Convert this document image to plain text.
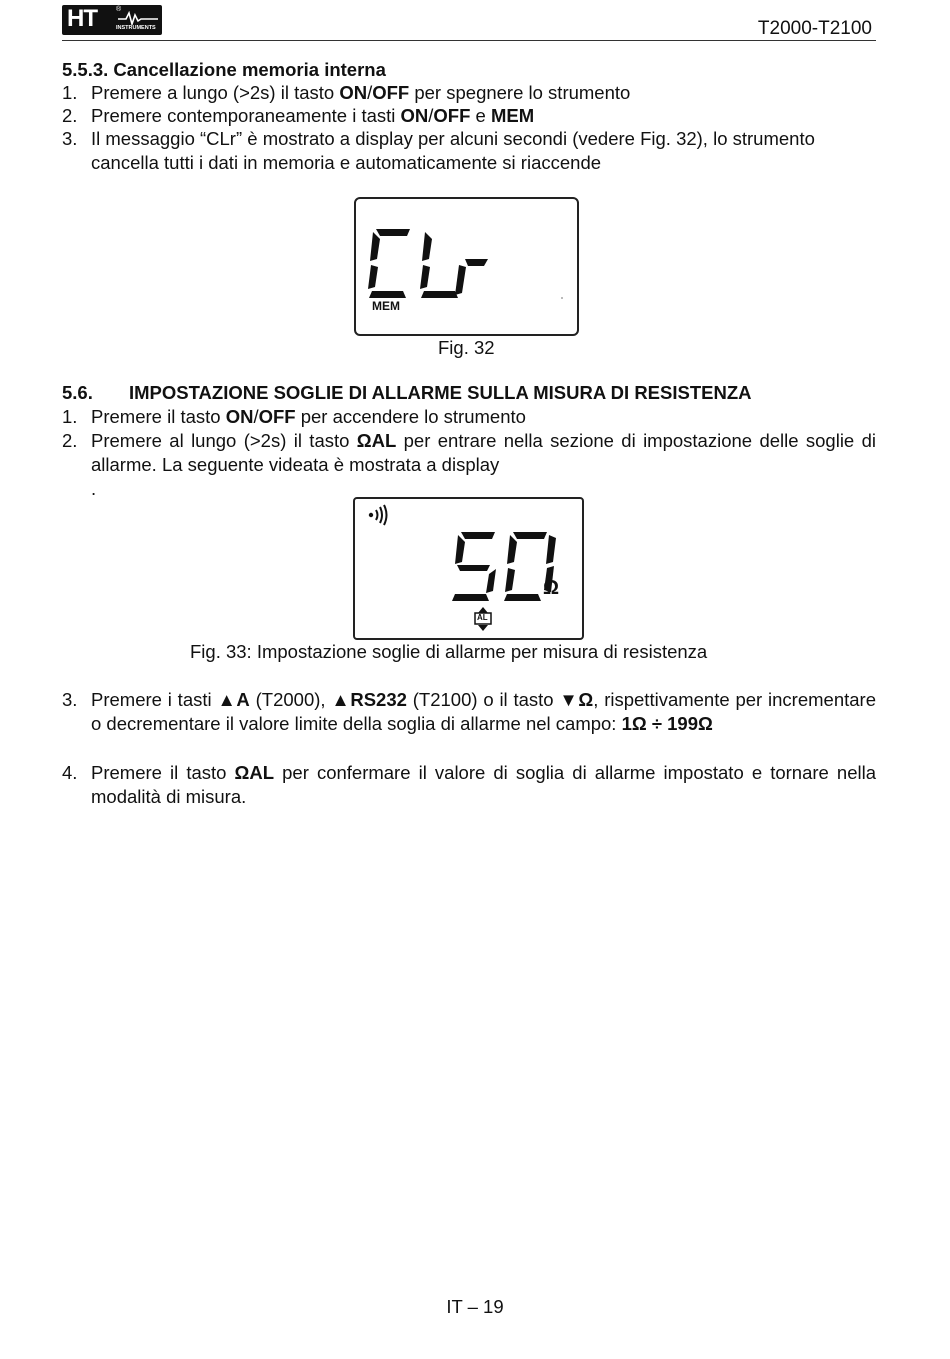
HT	®
INSTRUMENTS	T2000-T2100
5.5.3. Cancellazione memoria interna
1. Premere a lungo (>2s) il tasto ON/OFF per spegnere lo strumento
2. Premere contemporaneamente i tasti ON/OFF e MEM
3. Il messaggio “CLr” è mostrato a display per alcuni secondi (vedere Fig. 32), lo strumento cancella tutti i dati in memoria e automaticamente si riaccende
MEM
Fig. 32
5.6. IMPOSTAZIONE SOGLIE DI ALLARME SULLA MISURA DI RESISTENZA
1. Premere il tasto ON/OFF per accendere lo strumento
2. Premere al lungo (>2s) il tasto ΩAL per entrare nella sezione di impostazione delle soglie di allarme. La seguente videata è mostrata a display
.
Ω
AL
Fig. 33: Impostazione soglie di allarme per misura di resistenza
3. Premere i tasti ▲A (T2000), ▲RS232 (T2100) o il tasto ▼Ω, rispettivamente per incrementare o decrementare il valore limite della soglia di allarme nel campo: 1Ω ÷ 199Ω
4. Premere il tasto ΩAL per confermare il valore di soglia di allarme impostato e tornare nella modalità di misura.
IT – 19
